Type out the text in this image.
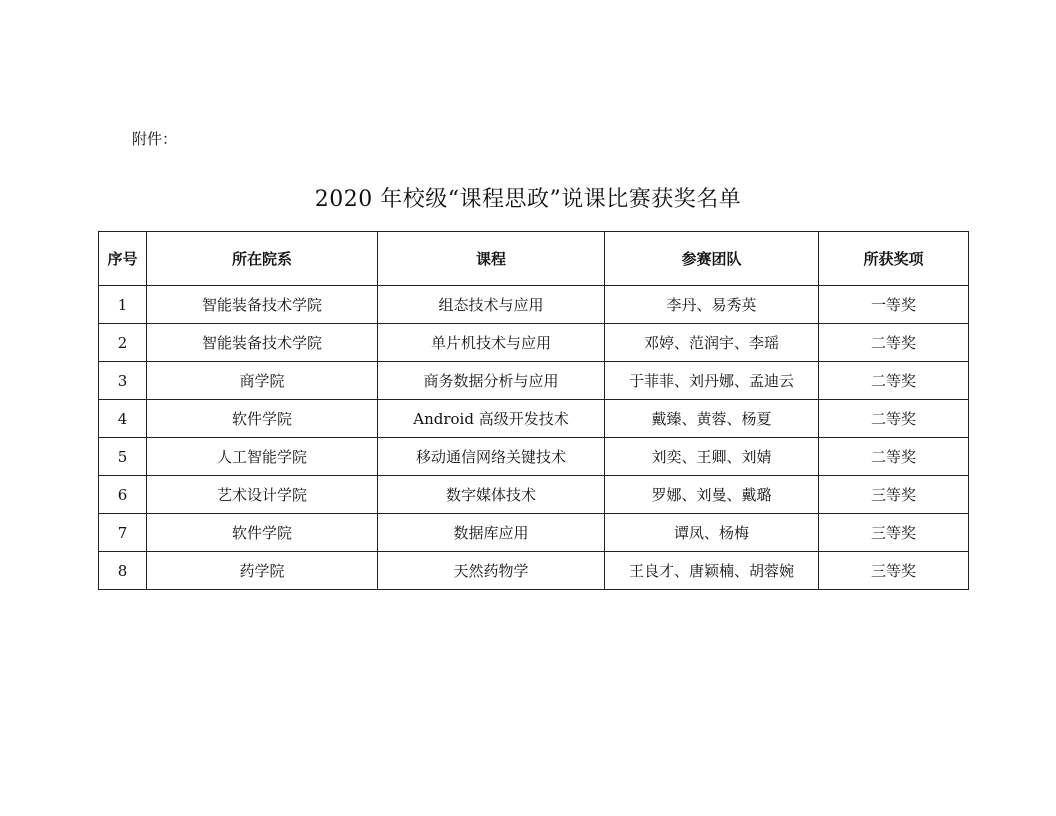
附件：
2020 年校级“课程思政”说课比赛获奖名单
序号	所在院系	课程	参赛团队	所获奖项
1	智能装备技术学院	组态技术与应用	李丹、易秀英	一等奖
2	智能装备技术学院	单片机技术与应用	邓婷、范润宇、李瑶	二等奖
3	商学院	商务数据分析与应用	于菲菲、刘丹娜、孟迪云	二等奖
4	软件学院	Android 高级开发技术	戴臻、黄蓉、杨夏	二等奖
5	人工智能学院	移动通信网络关键技术	刘奕、王卿、刘婧	二等奖
6	艺术设计学院	数字媒体技术	罗娜、刘曼、戴璐	三等奖
7	软件学院	数据库应用	谭凤、杨梅	三等奖
8	药学院	天然药物学	王良才、唐颖楠、胡蓉婉	三等奖
